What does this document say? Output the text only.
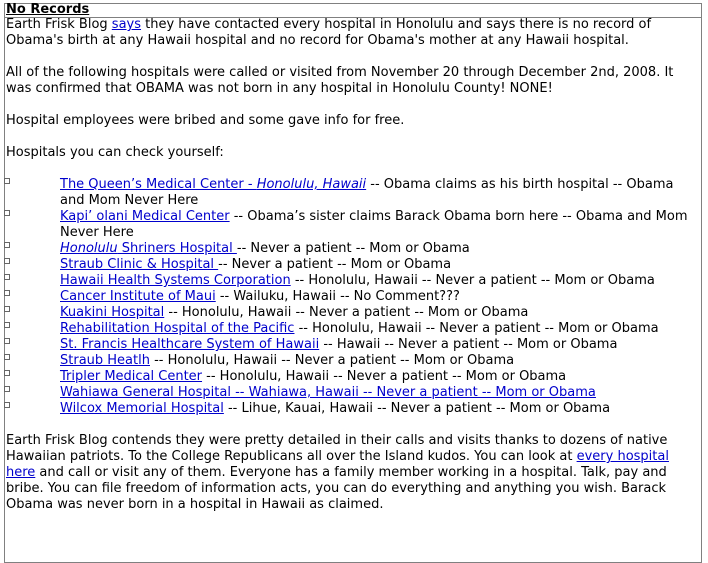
No Records

Earth Frisk Blog says they have contacted every hospital in Honolulu and says there is no record of Obama's birth at any Hawaii hospital and no record for Obama's mother at any Hawaii hospital.

All of the following hospitals were called or visited from November 20 through December 2nd, 2008. It was confirmed that OBAMA was not born in any hospital in Honolulu County! NONE!

Hospital employees were bribed and some gave info for free.

Hospitals you can check yourself:

The Queen’s Medical Center - Honolulu, Hawaii -- Obama claims as his birth hospital -- Obama and Mom Never Here
Kapi’ olani Medical Center -- Obama’s sister claims Barack Obama born here -- Obama and Mom Never Here
Honolulu Shriners Hospital -- Never a patient -- Mom or Obama
Straub Clinic & Hospital -- Never a patient -- Mom or Obama
Hawaii Health Systems Corporation -- Honolulu, Hawaii -- Never a patient -- Mom or Obama
Cancer Institute of Maui -- Wailuku, Hawaii -- No Comment???
Kuakini Hospital -- Honolulu, Hawaii -- Never a patient -- Mom or Obama
Rehabilitation Hospital of the Pacific -- Honolulu, Hawaii -- Never a patient -- Mom or Obama
St. Francis Healthcare System of Hawaii -- Hawaii -- Never a patient -- Mom or Obama
Straub Heatlh -- Honolulu, Hawaii -- Never a patient -- Mom or Obama
Tripler Medical Center -- Honolulu, Hawaii -- Never a patient -- Mom or Obama
Wahiawa General Hospital -- Wahiawa, Hawaii -- Never a patient -- Mom or Obama
Wilcox Memorial Hospital -- Lihue, Kauai, Hawaii -- Never a patient -- Mom or Obama

Earth Frisk Blog contends they were pretty detailed in their calls and visits thanks to dozens of native Hawaiian patriots. To the College Republicans all over the Island kudos. You can look at every hospital here and call or visit any of them. Everyone has a family member working in a hospital. Talk, pay and bribe. You can file freedom of information acts, you can do everything and anything you wish. Barack Obama was never born in a hospital in Hawaii as claimed.
